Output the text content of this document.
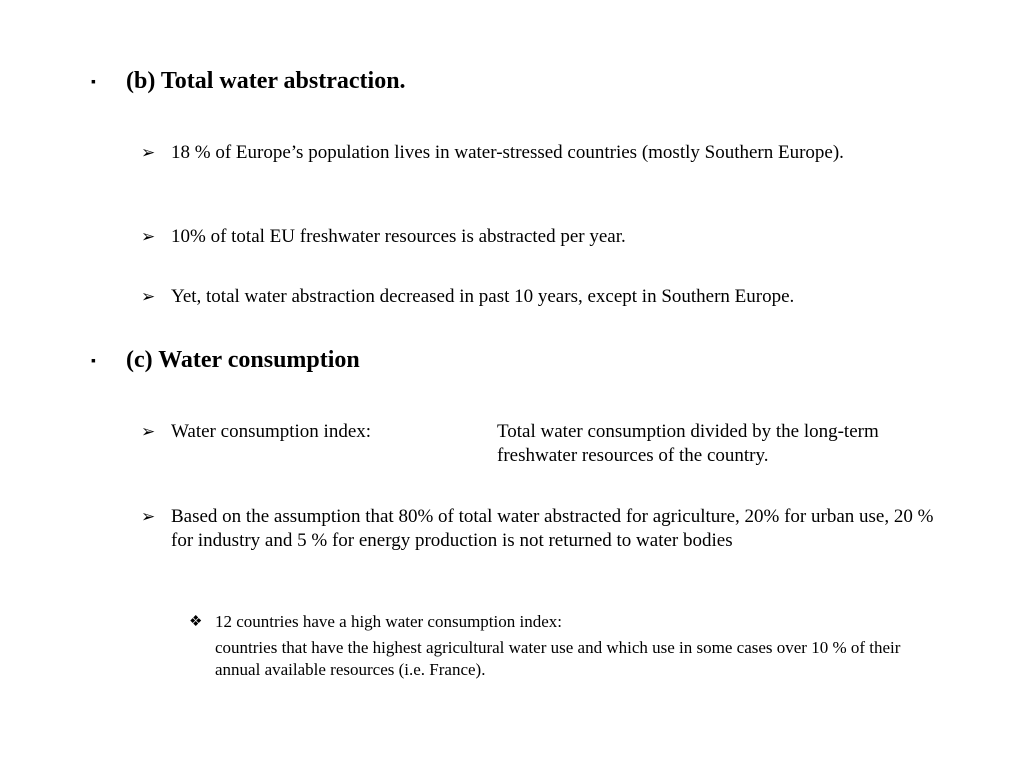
▪ (b) Total water abstraction.
➢ 18 % of Europe’s population lives in water-stressed countries (mostly Southern Europe).
➢ 10% of total EU freshwater resources is abstracted per year.
➢ Yet, total water abstraction decreased in past 10 years, except in Southern Europe.
▪ (c) Water consumption
➢ Water consumption index:	Total water consumption divided by the long-term freshwater resources of the country.
➢ Based on the assumption that 80% of total water abstracted for agriculture, 20% for urban use, 20 % for industry and 5 % for energy production is not returned to water bodies
❖ 12 countries have a high water consumption index:
countries that have the highest agricultural water use and which use in some cases over 10 % of their annual available resources (i.e. France).
